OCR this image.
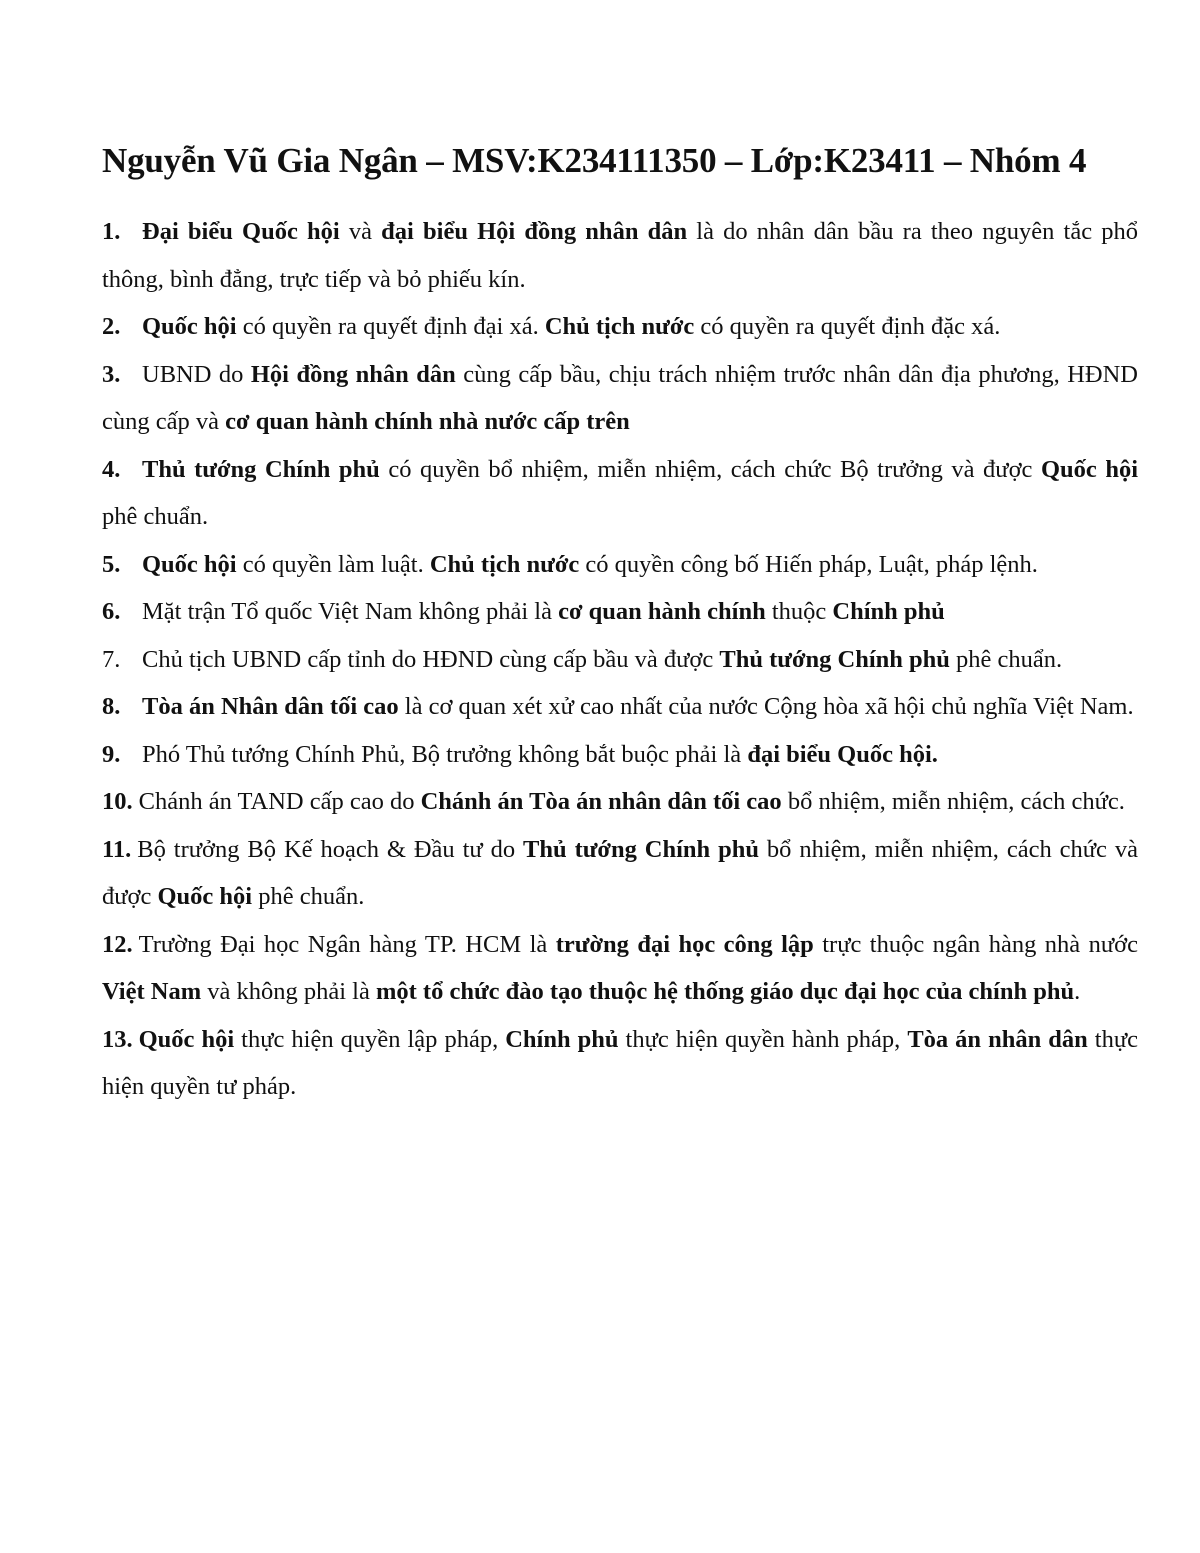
Nguyễn Vũ Gia Ngân – MSV:K234111350 – Lớp:K23411 – Nhóm 4

1. Đại biểu Quốc hội và đại biểu Hội đồng nhân dân là do nhân dân bầu ra theo nguyên tắc phổ thông, bình đẳng, trực tiếp và bỏ phiếu kín.

2. Quốc hội có quyền ra quyết định đại xá. Chủ tịch nước có quyền ra quyết định đặc xá.

3. UBND do Hội đồng nhân dân cùng cấp bầu, chịu trách nhiệm trước nhân dân địa phương, HĐND cùng cấp và cơ quan hành chính nhà nước cấp trên

4. Thủ tướng Chính phủ có quyền bổ nhiệm, miễn nhiệm, cách chức Bộ trưởng và được Quốc hội phê chuẩn.

5. Quốc hội có quyền làm luật. Chủ tịch nước có quyền công bố Hiến pháp, Luật, pháp lệnh.

6. Mặt trận Tổ quốc Việt Nam không phải là cơ quan hành chính thuộc Chính phủ

7. Chủ tịch UBND cấp tỉnh do HĐND cùng cấp bầu và được Thủ tướng Chính phủ phê chuẩn.

8. Tòa án Nhân dân tối cao là cơ quan xét xử cao nhất của nước Cộng hòa xã hội chủ nghĩa Việt Nam.

9. Phó Thủ tướng Chính Phủ, Bộ trưởng không bắt buộc phải là đại biểu Quốc hội.

10. Chánh án TAND cấp cao do Chánh án Tòa án nhân dân tối cao bổ nhiệm, miễn nhiệm, cách chức.

11. Bộ trưởng Bộ Kế hoạch & Đầu tư do Thủ tướng Chính phủ bổ nhiệm, miễn nhiệm, cách chức và được Quốc hội phê chuẩn.

12. Trường Đại học Ngân hàng TP. HCM là trường đại học công lập trực thuộc ngân hàng nhà nước Việt Nam và không phải là một tổ chức đào tạo thuộc hệ thống giáo dục đại học của chính phủ.

13. Quốc hội thực hiện quyền lập pháp, Chính phủ thực hiện quyền hành pháp, Tòa án nhân dân thực hiện quyền tư pháp.
